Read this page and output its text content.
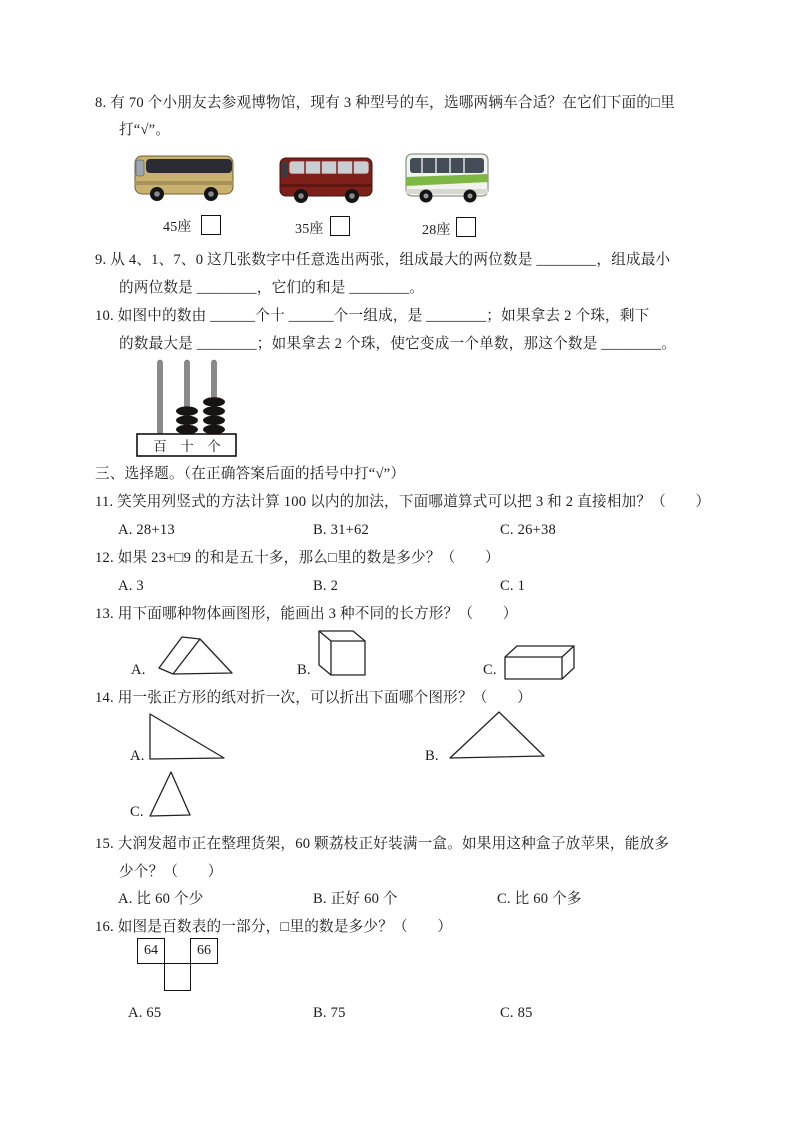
8. 有 70 个小朋友去参观博物馆，现有 3 种型号的车，选哪两辆车合适？在它们下面的□里
打“√”。
45座	35座	28座
9. 从 4、1、7、0 这几张数字中任意选出两张，组成最大的两位数是 ________，组成最小
的两位数是 ________，它们的和是 ________。
10. 如图中的数由 ______个十 ______个一组成，是 ________；如果拿去 2 个珠，剩下
的数最大是 ________；如果拿去 2 个珠，使它变成一个单数，那这个数是 ________。
百 十 个
三、选择题。（在正确答案后面的括号中打“√”）
11. 笑笑用列竖式的方法计算 100 以内的加法，下面哪道算式可以把 3 和 2 直接相加？（　　）
A. 28+13	B. 31+62	C. 26+38
12. 如果 23+□9 的和是五十多，那么□里的数是多少？（　　）
A. 3	B. 2	C. 1
13. 用下面哪种物体画图形，能画出 3 种不同的长方形？（　　）
A.	B.	C.
14. 用一张正方形的纸对折一次，可以折出下面哪个图形？（　　）
A.	B.
C.
15. 大润发超市正在整理货架，60 颗荔枝正好装满一盒。如果用这种盒子放苹果，能放多
少个？（　　）
A. 比 60 个少	B. 正好 60 个	C. 比 60 个多
16. 如图是百数表的一部分，□里的数是多少？（　　）
64	66
A. 65	B. 75	C. 85
